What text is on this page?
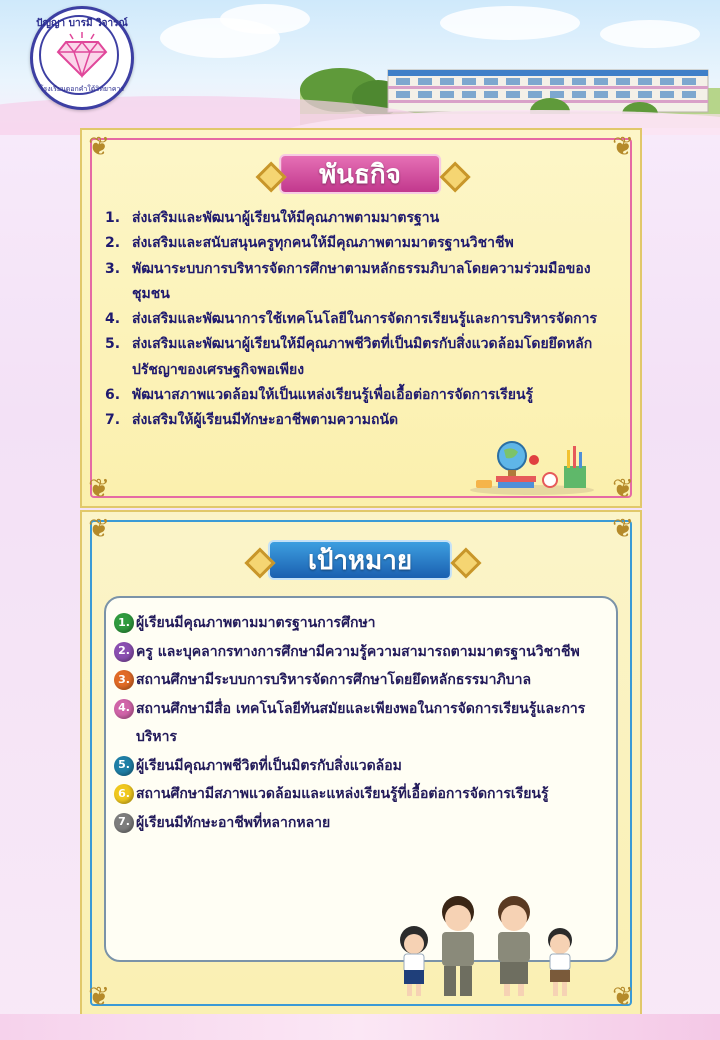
ปัญญา บารมี วิจารณ์
โรงเรียนดอกคำใต้วิทยาคาร
❦	❦
❦	❦
พันธกิจ
1. ส่งเสริมและพัฒนาผู้เรียนให้มีคุณภาพตามมาตรฐาน
2. ส่งเสริมและสนับสนุนครูทุกคนให้มีคุณภาพตามมาตรฐานวิชาชีพ
3. พัฒนาระบบการบริหารจัดการศึกษาตามหลักธรรมภิบาลโดยความร่วมมือของชุมชน
4. ส่งเสริมและพัฒนาการใช้เทคโนโลยีในการจัดการเรียนรู้และการบริหารจัดการ
5. ส่งเสริมและพัฒนาผู้เรียนให้มีคุณภาพชีวิตที่เป็นมิตรกับสิ่งแวดล้อมโดยยึดหลักปรัชญาของเศรษฐกิจพอเพียง
6. พัฒนาสภาพแวดล้อมให้เป็นแหล่งเรียนรู้เพื่อเอื้อต่อการจัดการเรียนรู้
7. ส่งเสริมให้ผู้เรียนมีทักษะอาชีพตามความถนัด
❦	❦
❦	❦
เป้าหมาย
1. ผู้เรียนมีคุณภาพตามมาตรฐานการศึกษา
2. ครู และบุคลากรทางการศึกษามีความรู้ความสามารถตามมาตรฐานวิชาชีพ
3. สถานศึกษามีระบบการบริหารจัดการศึกษาโดยยึดหลักธรรมาภิบาล
4. สถานศึกษามีสื่อ เทคโนโลยีทันสมัยและเพียงพอในการจัดการเรียนรู้และการบริหาร
5. ผู้เรียนมีคุณภาพชีวิตที่เป็นมิตรกับสิ่งแวดล้อม
6. สถานศึกษามีสภาพแวดล้อมและแหล่งเรียนรู้ที่เอื้อต่อการจัดการเรียนรู้
7. ผู้เรียนมีทักษะอาชีพที่หลากหลาย
